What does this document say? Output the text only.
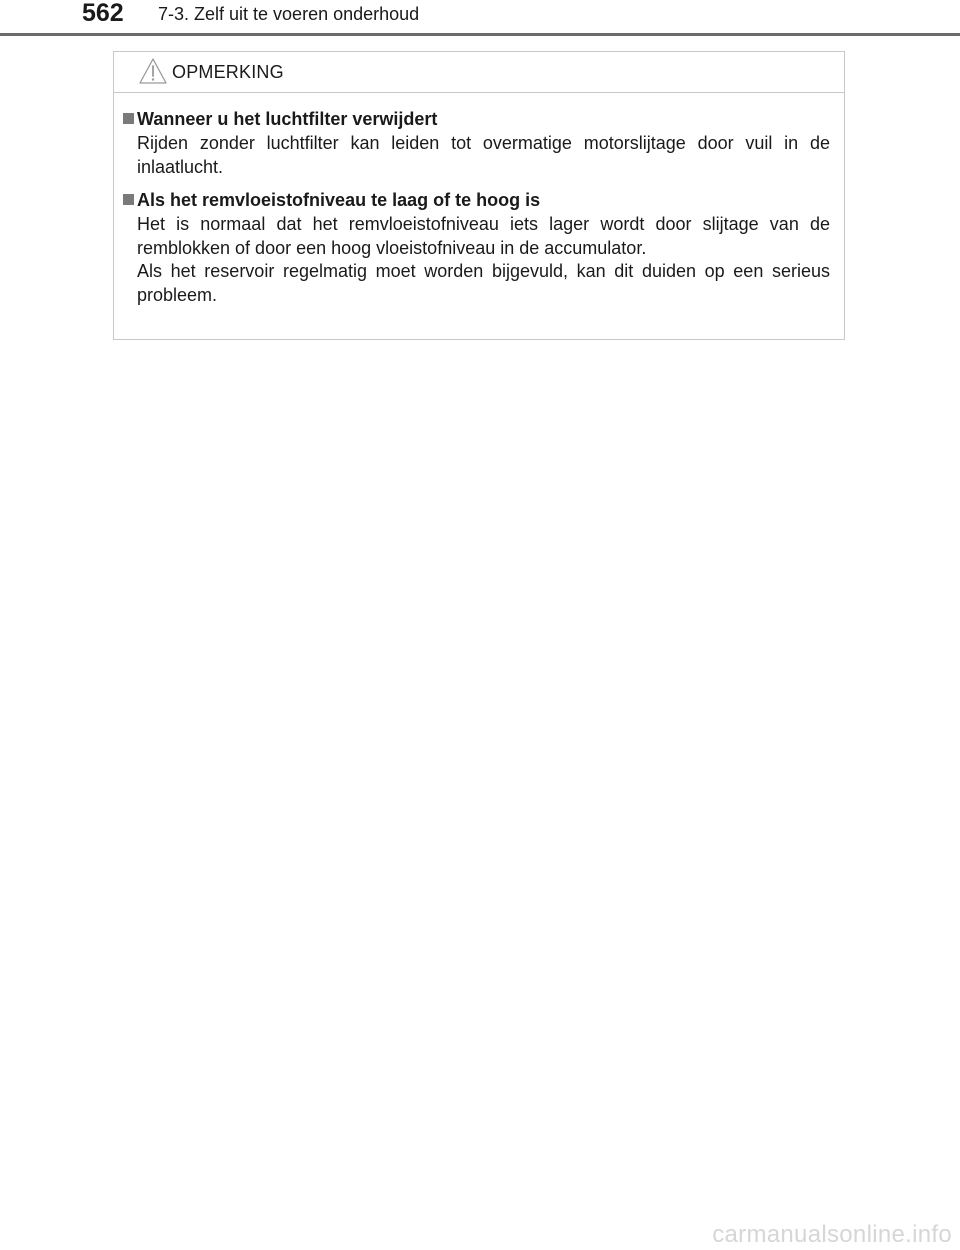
562 7-3. Zelf uit te voeren onderhoud
OPMERKING
Wanneer u het luchtfilter verwijdert

Rijden zonder luchtfilter kan leiden tot overmatige motorslijtage door vuil in de inlaatlucht.

Als het remvloeistofniveau te laag of te hoog is

Het is normaal dat het remvloeistofniveau iets lager wordt door slijtage van de remblokken of door een hoog vloeistofniveau in de accumulator.

Als het reservoir regelmatig moet worden bijgevuld, kan dit duiden op een serieus probleem.

carmanualsonline.info
